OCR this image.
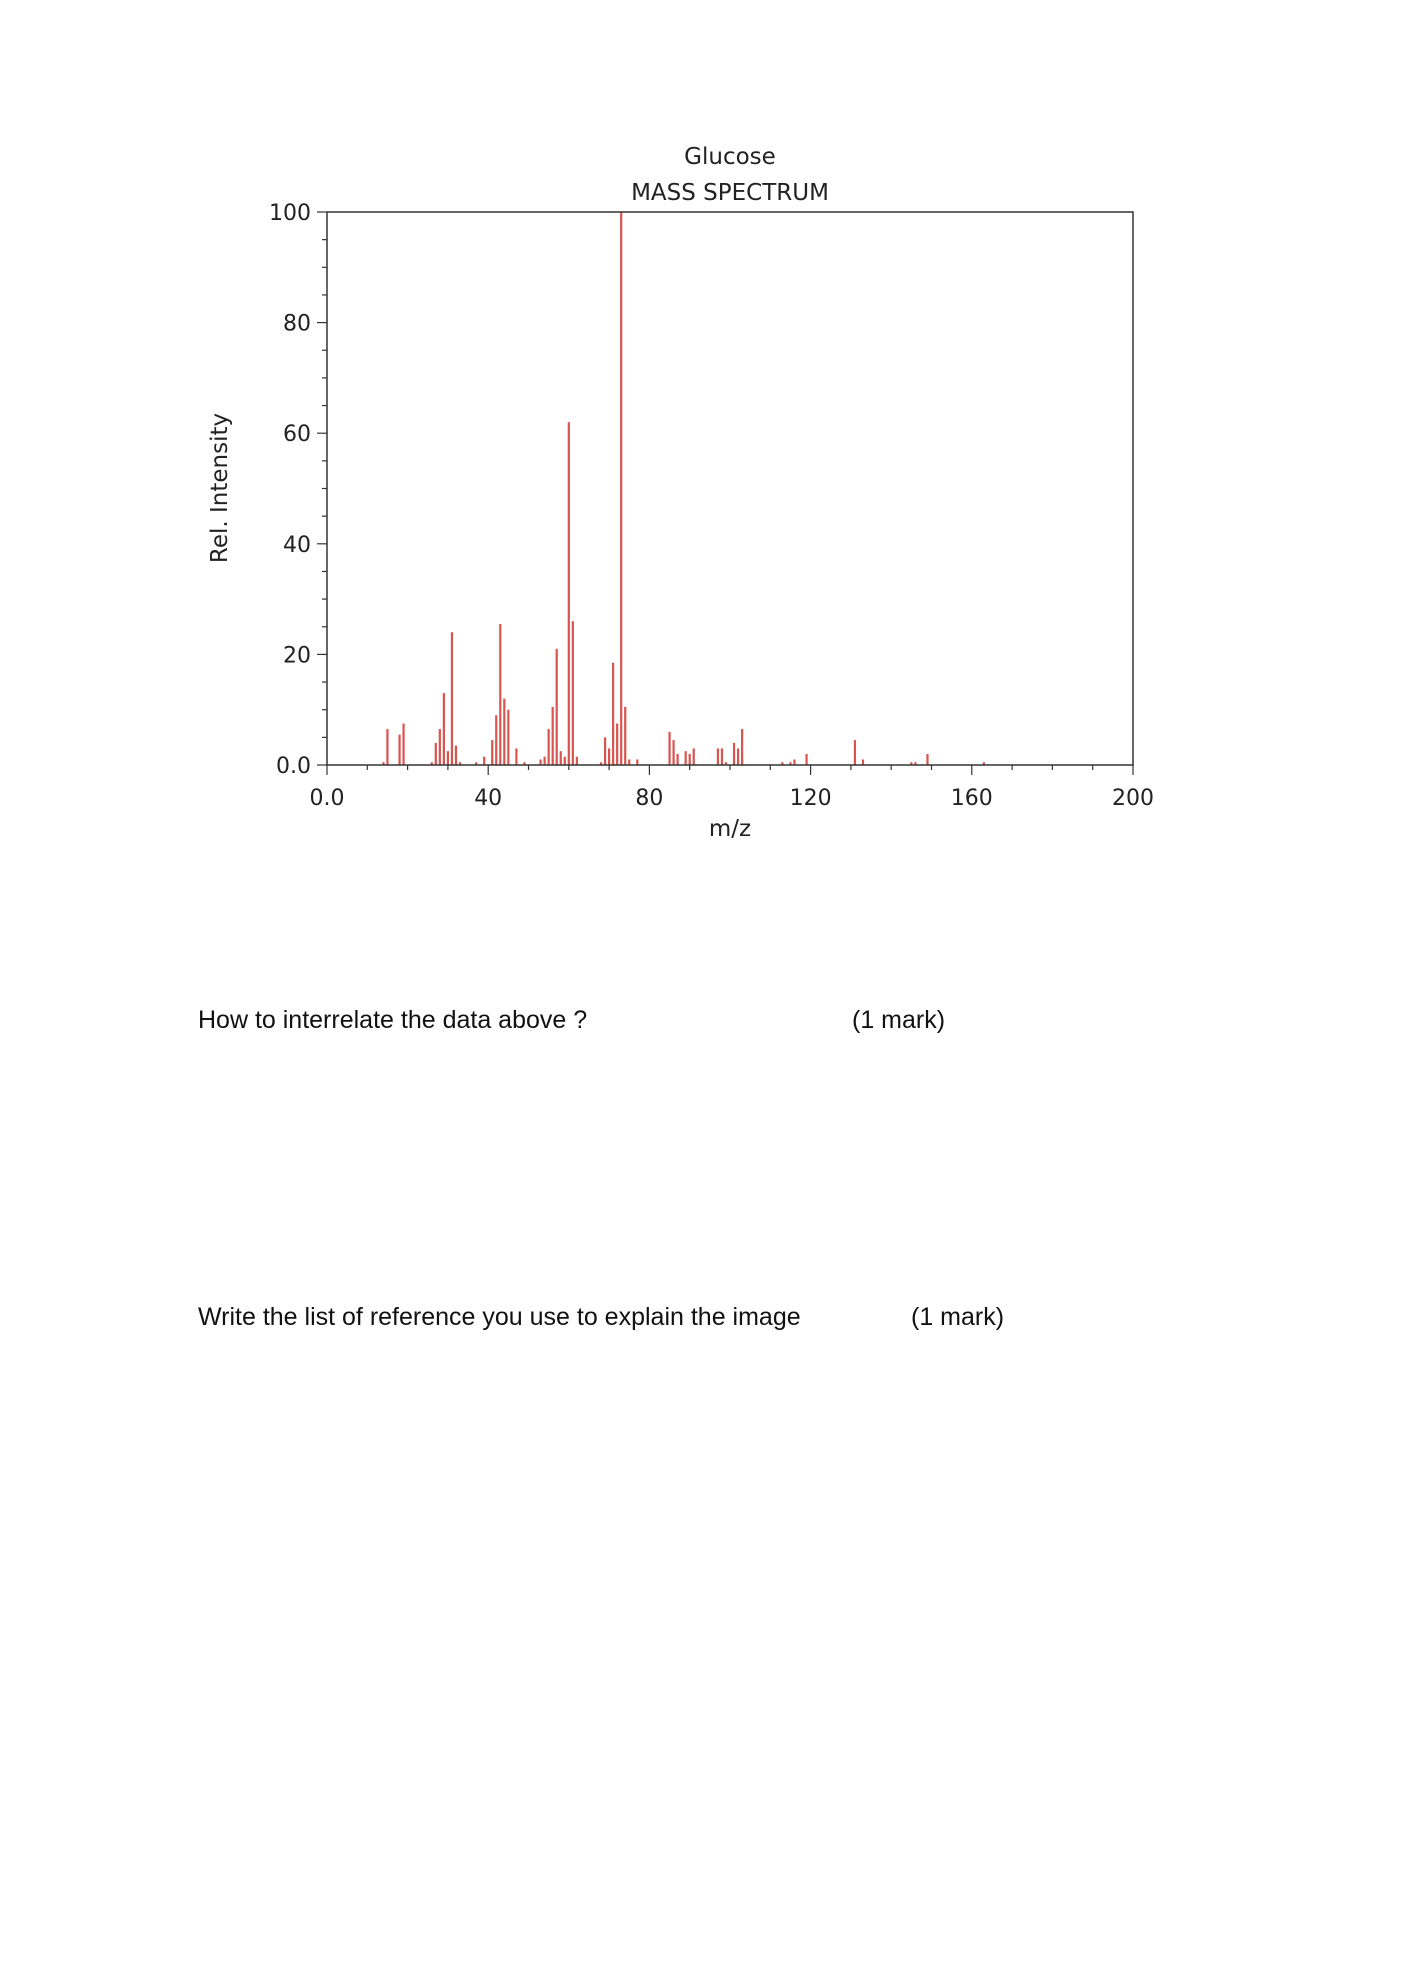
Glucose
MASS SPECTRUM
0.0
20
40
60
80
100
0.0	40	80	120	160	200
m/z
Rel. Intensity
How to interrelate the data above ?	(1 mark)
Write the list of reference you use to explain the image	(1 mark)
